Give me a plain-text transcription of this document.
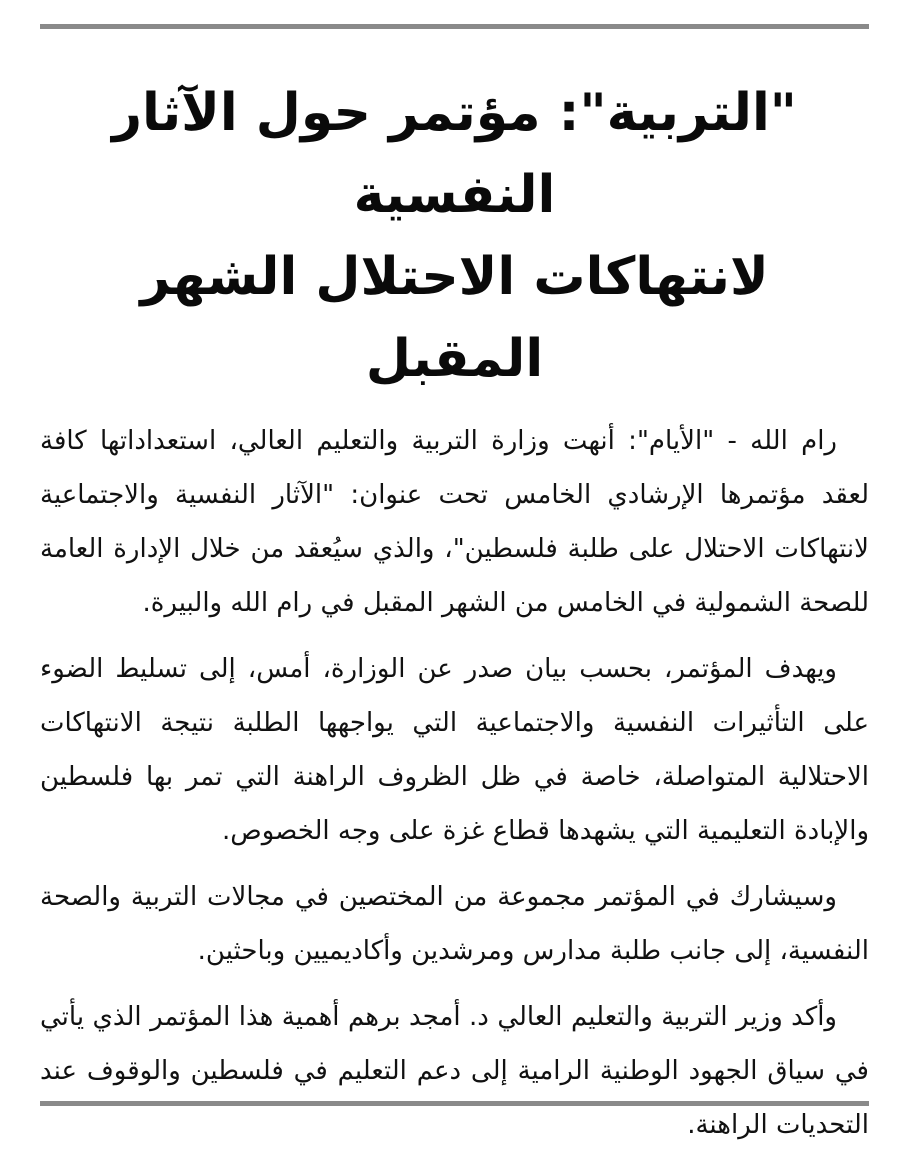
"التربية": مؤتمر حول الآثار النفسية
لانتهاكات الاحتلال الشهر المقبل

رام الله - "الأيام": أنهت وزارة التربية والتعليم العالي، استعداداتها كافة لعقد مؤتمرها الإرشادي الخامس تحت عنوان: "الآثار النفسية والاجتماعية لانتهاكات الاحتلال على طلبة فلسطين"، والذي سيُعقد من خلال الإدارة العامة للصحة الشمولية في الخامس من الشهر المقبل في رام الله والبيرة.

ويهدف المؤتمر، بحسب بيان صدر عن الوزارة، أمس، إلى تسليط الضوء على التأثيرات النفسية والاجتماعية التي يواجهها الطلبة نتيجة الانتهاكات الاحتلالية المتواصلة، خاصة في ظل الظروف الراهنة التي تمر بها فلسطين والإبادة التعليمية التي يشهدها قطاع غزة على وجه الخصوص.

وسيشارك في المؤتمر مجموعة من المختصين في مجالات التربية والصحة النفسية، إلى جانب طلبة مدارس ومرشدين وأكاديميين وباحثين.

وأكد وزير التربية والتعليم العالي د. أمجد برهم أهمية هذا المؤتمر الذي يأتي في سياق الجهود الوطنية الرامية إلى دعم التعليم في فلسطين والوقوف عند التحديات الراهنة.
